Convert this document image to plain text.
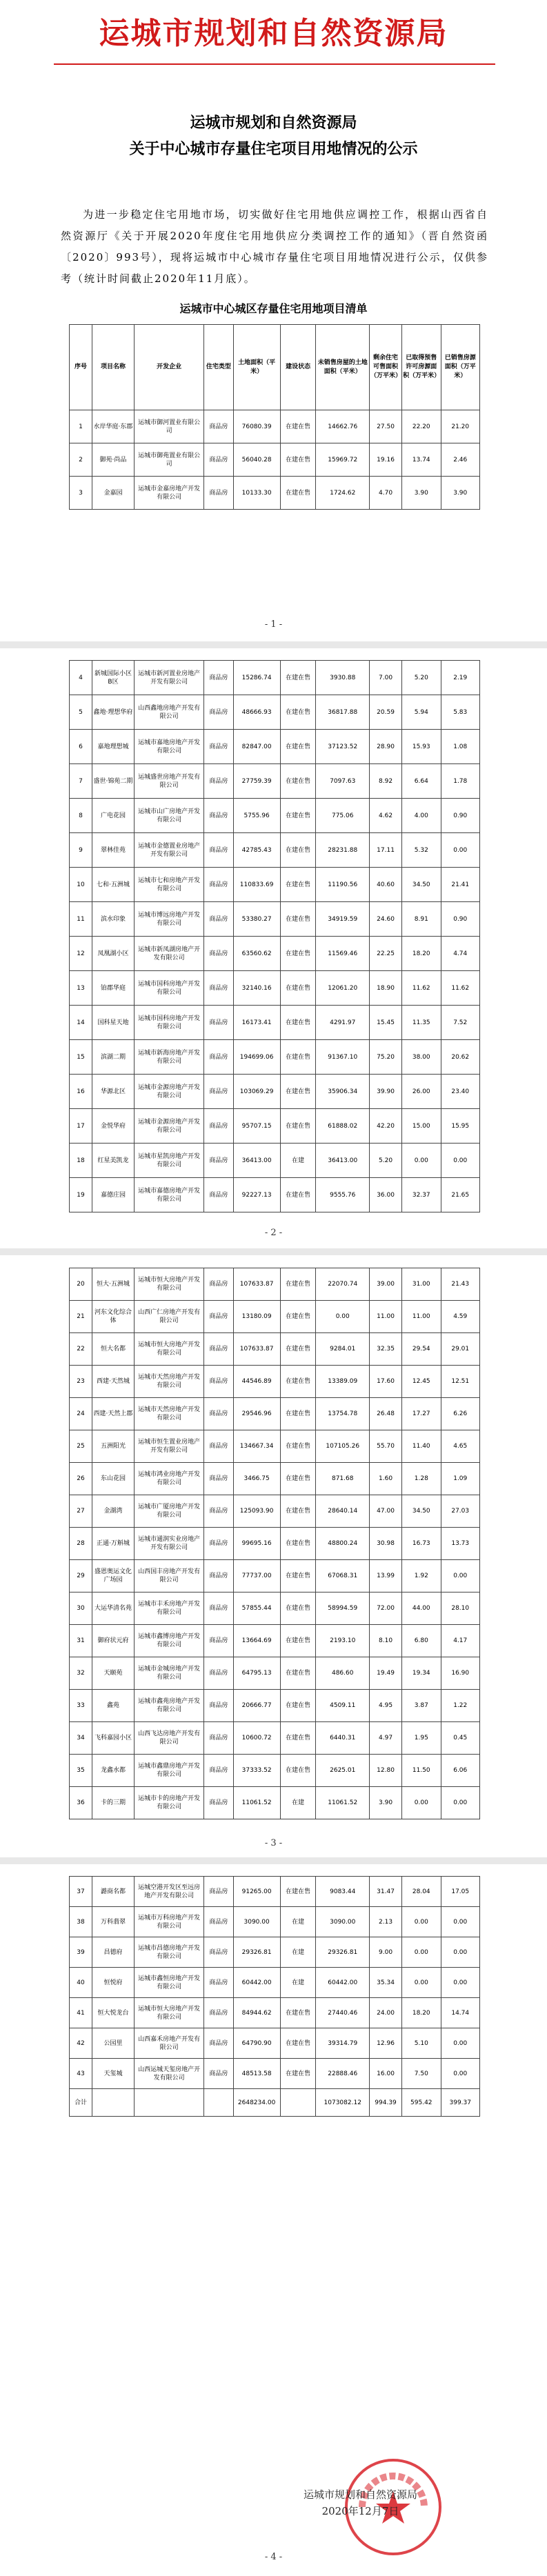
运城市规划和自然资源局
运城市规划和自然资源局
关于中心城市存量住宅项目用地情况的公示
为进一步稳定住宅用地市场，切实做好住宅用地供应调控工作，根据山西省自然资源厅《关于开展2020年度住宅用地供应分类调控工作的通知》（晋自然资函〔2020〕993号），现将运城市中心城市存量住宅项目用地情况进行公示，仅供参考（统计时间截止2020年11月底）。
运城市中心城区存量住宅用地项目清单
序号	项目名称	开发企业	住宅类型	土地面积（平米）	建设状态	未销售房屋的土地面积（平米）	剩余住宅可售面积（万平米）	已取得预售许可房源面积（万平米）	已销售房源面积（万平米）
1	水岸华庭·东郡	运城市御河置业有限公司	商品房	76080.39	在建在售	14662.76	27.50	22.20	21.20
2	御苑·尚品	运城市御苑置业有限公司	商品房	56040.28	在建在售	15969.72	19.16	13.74	2.46
3	金嘉园	运城市金嘉房地产开发有限公司	商品房	10133.30	在建在售	1724.62	4.70	3.90	3.90
- 1 -
4	新城国际小区B区	运城市新河置业房地产开发有限公司	商品房	15286.74	在建在售	3930.88	7.00	5.20	2.19
5	鑫地·理想华府	山西鑫地房地产开发有限公司	商品房	48666.93	在建在售	36817.88	20.59	5.94	5.83
6	嘉地理想城	运城市嘉地房地产开发有限公司	商品房	82847.00	在建在售	37123.52	28.90	15.93	1.08
7	盛世·锦苑二期	运城盛世房地产开发有限公司	商品房	27759.39	在建在售	7097.63	8.92	6.64	1.78
8	广电花园	运城市山广房地产开发有限公司	商品房	5755.96	在建在售	775.06	4.62	4.00	0.90
9	翠林佳苑	运城市金德置业房地产开发有限公司	商品房	42785.43	在建在售	28231.88	17.11	5.32	0.00
10	七和·五洲城	运城市七和房地产开发有限公司	商品房	110833.69	在建在售	11190.56	40.60	34.50	21.41
11	滨水印象	运城市博远房地产开发有限公司	商品房	53380.27	在建在售	34919.59	24.60	8.91	0.90
12	凤凰湖小区	运城市新凤湖房地产开发有限公司	商品房	63560.62	在建在售	11569.46	22.25	18.20	4.74
13	铂郡华庭	运城市国科房地产开发有限公司	商品房	32140.16	在建在售	12061.20	18.90	11.62	11.62
14	国科星天地	运城市国科房地产开发有限公司	商品房	16173.41	在建在售	4291.97	15.45	11.35	7.52
15	滨湖二期	运城市新海房地产开发有限公司	商品房	194699.06	在建在售	91367.10	75.20	38.00	20.62
16	华源北区	运城市金源房地产开发有限公司	商品房	103069.29	在建在售	35906.34	39.90	26.00	23.40
17	金悦华府	运城市金源房地产开发有限公司	商品房	95707.15	在建在售	61888.02	42.20	15.00	15.95
18	红星美凯龙	运城市星凯房地产开发有限公司	商品房	36413.00	在建	36413.00	5.20	0.00	0.00
19	嘉德庄园	运城市嘉德房地产开发有限公司	商品房	92227.13	在建在售	9555.76	36.00	32.37	21.65
- 2 -
20	恒大·五洲城	运城市恒大房地产开发有限公司	商品房	107633.87	在建在售	22070.74	39.00	31.00	21.43
21	河东文化综合体	山西广仁房地产开发有限公司	商品房	13180.09	在建在售	0.00	11.00	11.00	4.59
22	恒大名都	运城市恒大房地产开发有限公司	商品房	107633.87	在建在售	9284.01	32.35	29.54	29.01
23	西建·天然城	运城市天然房地产开发有限公司	商品房	44546.89	在建在售	13389.09	17.60	12.45	12.51
24	西建·天然上郡	运城市天然房地产开发有限公司	商品房	29546.96	在建在售	13754.78	26.48	17.27	6.26
25	五洲阳光	运城市恒生置业房地产开发有限公司	商品房	134667.34	在建在售	107105.26	55.70	11.40	4.65
26	东山花园	运城市鸿业房地产开发有限公司	商品房	3466.75	在建在售	871.68	1.60	1.28	1.09
27	金湖湾	运城市广厦房地产开发有限公司	商品房	125093.90	在建在售	28640.14	47.00	34.50	27.03
28	正通·万斛城	运城市通润实业房地产开发有限公司	商品房	99695.16	在建在售	48800.24	30.98	16.73	13.73
29	盛恩奥运文化广场园	山西国丰房地产开发有限公司	商品房	77737.00	在建在售	67068.31	13.99	1.92	0.00
30	大运华清名苑	运城市丰禾房地产开发有限公司	商品房	57855.44	在建在售	58994.59	72.00	44.00	28.10
31	御府状元府	运城市鑫博房地产开发有限公司	商品房	13664.69	在建在售	2193.10	8.10	6.80	4.17
32	天颐苑	运城市金城房地产开发有限公司	商品房	64795.13	在建在售	486.60	19.49	19.34	16.90
33	鑫苑	运城市鑫苑房地产开发有限公司	商品房	20666.77	在建在售	4509.11	4.95	3.87	1.22
34	飞科嘉园小区	山西飞达房地产开发有限公司	商品房	10600.72	在建在售	6440.31	4.97	1.95	0.45
35	龙鑫水都	运城市鑫鼎房地产开发有限公司	商品房	37333.52	在建在售	2625.01	12.80	11.50	6.06
36	卡的三期	运城市卡的房地产开发有限公司	商品房	11061.52	在建	11061.52	3.90	0.00	0.00
- 3 -
37	潞商名都	运城空港开发区至远房地产开发有限公司	商品房	91265.00	在建在售	9083.44	31.47	28.04	17.05
38	万科翡翠	运城市万科房地产开发有限公司	商品房	3090.00	在建	3090.00	2.13	0.00	0.00
39	昌德府	运城市昌德房地产开发有限公司	商品房	29326.81	在建	29326.81	9.00	0.00	0.00
40	恒悦府	运城市鑫恒房地产开发有限公司	商品房	60442.00	在建	60442.00	35.34	0.00	0.00
41	恒大悦龙台	运城市恒大房地产开发有限公司	商品房	84944.62	在建在售	27440.46	24.00	18.20	14.74
42	公园里	山西嘉禾房地产开发有限公司	商品房	64790.90	在建在售	39314.79	12.96	5.10	0.00
43	天玺城	山西运城天玺房地产开发有限公司	商品房	48513.58	在建在售	22888.46	16.00	7.50	0.00
合计				2648234.00		1073082.12	994.39	595.42	399.37
运城市规划和自然资源局
2020年12月7日
- 4 -
